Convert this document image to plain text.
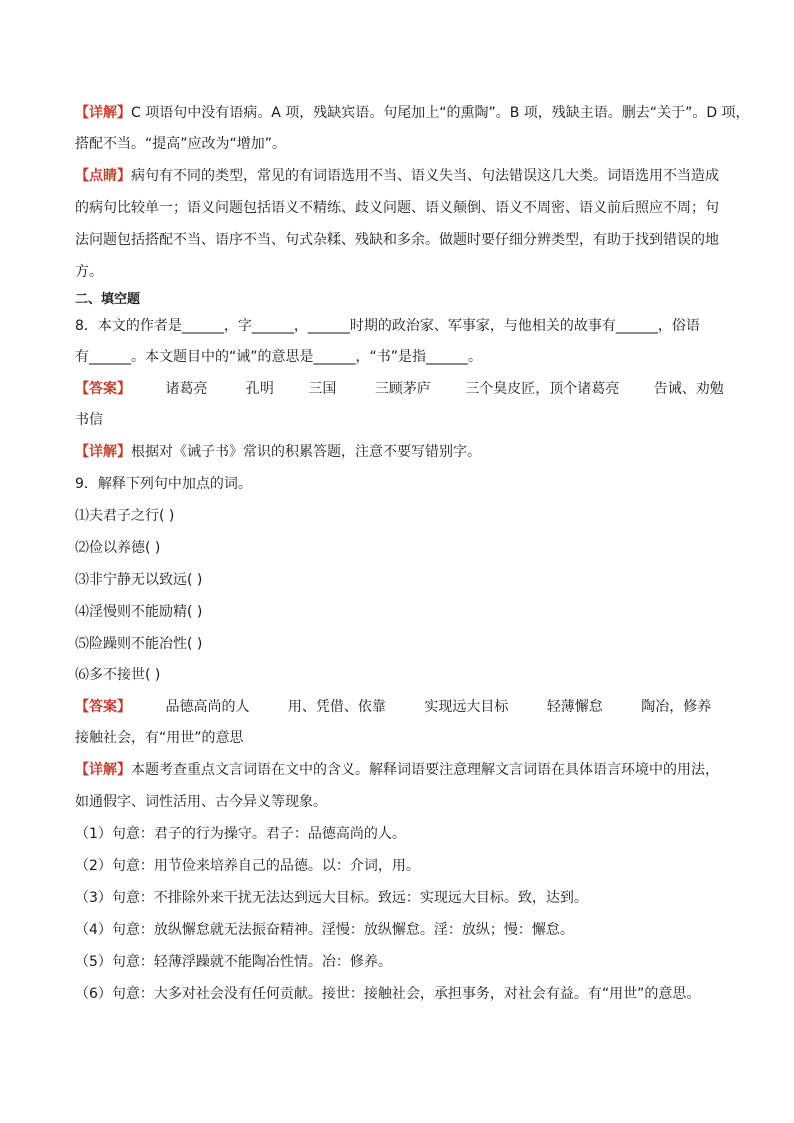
【详解】C 项语句中没有语病。A 项，残缺宾语。句尾加上“的熏陶”。B 项，残缺主语。删去“关于”。D 项，
搭配不当。“提高”应改为“增加”。
【点睛】病句有不同的类型，常见的有词语选用不当、语义失当、句法错误这几大类。词语选用不当造成
的病句比较单一；语义问题包括语义不精练、歧义问题、语义颠倒、语义不周密、语义前后照应不周；句
法问题包括搭配不当、语序不当、句式杂糅、残缺和多余。做题时要仔细分辨类型，有助于找到错误的地
方。
二、填空题
8．本文的作者是______，字______，______时期的政治家、军事家，与他相关的故事有______，俗语
有______。本文题目中的“诫”的意思是______，“书”是指______。
【答案】 诸葛亮	孔明 三国	三顾茅庐 三个臭皮匠，顶个诸葛亮 告诫、劝勉
书信
【详解】根据对《诫子书》常识的积累答题，注意不要写错别字。
9．解释下列句中加点的词。
⑴夫君子之行( )
⑵俭以养德( )
⑶非宁静无以致远( )
⑷淫慢则不能励精( )
⑸险躁则不能冶性( )
⑹多不接世( )
【答案】 品德高尚的人	用、凭借、依靠	实现远大目标	轻薄懈怠	陶冶，修养
接触社会，有“用世”的意思
【详解】本题考查重点文言词语在文中的含义。解释词语要注意理解文言词语在具体语言环境中的用法，
如通假字、词性活用、古今异义等现象。
（1）句意：君子的行为操守。君子：品德高尚的人。
（2）句意：用节俭来培养自己的品德。以：介词，用。
（3）句意：不排除外来干扰无法达到远大目标。致远：实现远大目标。致，达到。
（4）句意：放纵懈怠就无法振奋精神。淫慢：放纵懈怠。淫：放纵；慢：懈怠。
（5）句意：轻薄浮躁就不能陶冶性情。冶：修养。
（6）句意：大多对社会没有任何贡献。接世：接触社会，承担事务，对社会有益。有“用世”的意思。
